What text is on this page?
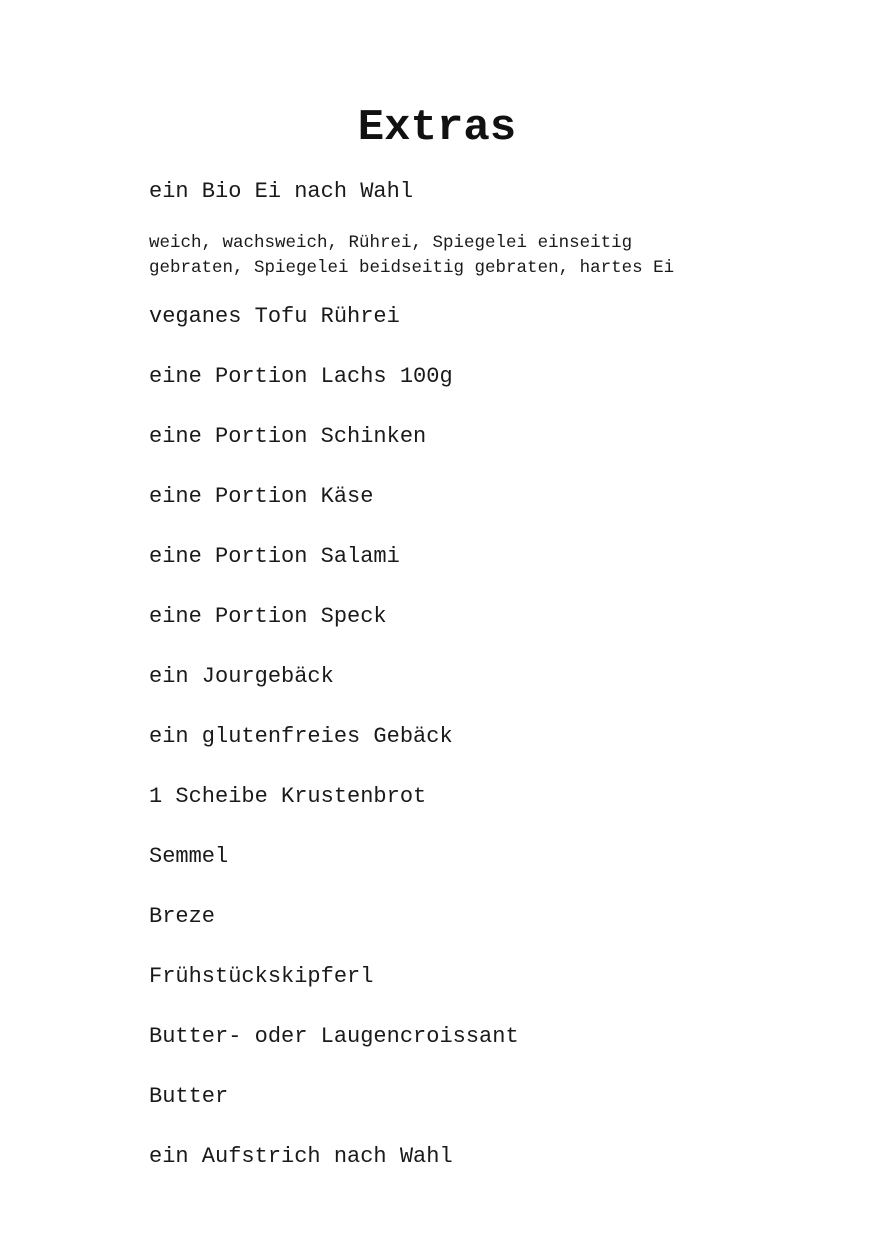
Extras
ein Bio Ei nach Wahl
weich, wachsweich, Rührei, Spiegelei einseitig
gebraten, Spiegelei beidseitig gebraten, hartes Ei
veganes Tofu Rührei
eine Portion Lachs 100g
eine Portion Schinken
eine Portion Käse
eine Portion Salami
eine Portion Speck
ein Jourgebäck
ein glutenfreies Gebäck
1 Scheibe Krustenbrot
Semmel
Breze
Frühstückskipferl
Butter- oder Laugencroissant
Butter
ein Aufstrich nach Wahl
